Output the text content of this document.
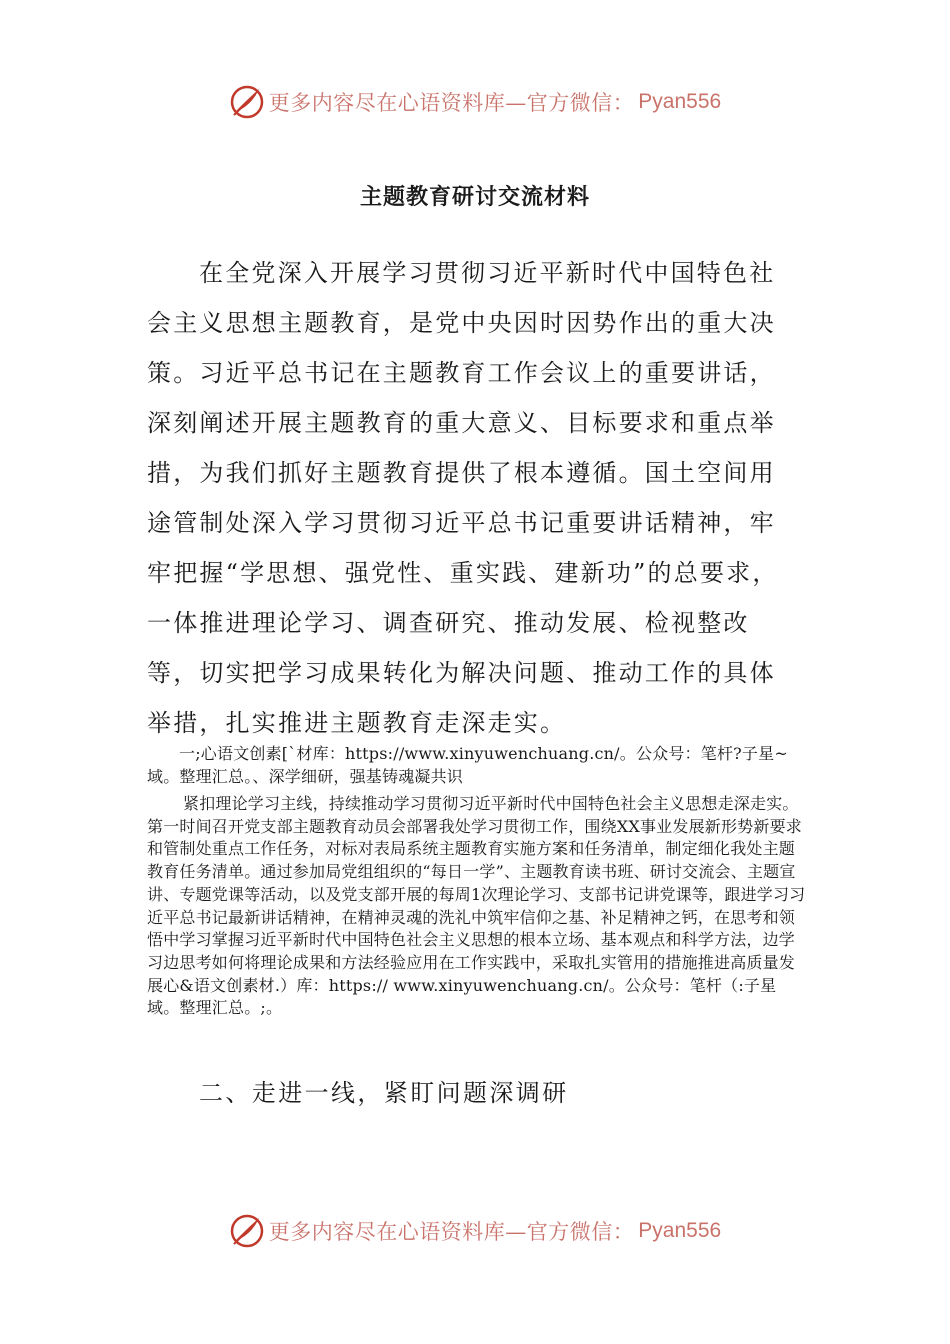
更多内容尽在心语资料库—官方微信： Pyan556
主题教育研讨交流材料

在全党深入开展学习贯彻习近平新时代中国特色社会主义思想主题教育，是党中央因时因势作出的重大决策。习近平总书记在主题教育工作会议上的重要讲话，深刻阐述开展主题教育的重大意义、目标要求和重点举措，为我们抓好主题教育提供了根本遵循。国土空间用途管制处深入学习贯彻习近平总书记重要讲话精神，牢牢把握“学思想、强党性、重实践、建新功”的总要求，一体推进理论学习、调查研究、推动发展、检视整改等，切实把学习成果转化为解决问题、推动工作的具体举措，扎实推进主题教育走深走实。

一;心语文创素[`材库：https://www.xinyuwenchuang.cn/。公众号：笔杆?子星~域。整理汇总。、深学细研，强基铸魂凝共识

紧扣理论学习主线，持续推动学习贯彻习近平新时代中国特色社会主义思想走深走实。第一时间召开党支部主题教育动员会部署我处学习贯彻工作，围绕XX事业发展新形势新要求和管制处重点工作任务，对标对表局系统主题教育实施方案和任务清单，制定细化我处主题教育任务清单。通过参加局党组组织的“每日一学”、主题教育读书班、研讨交流会、主题宣讲、专题党课等活动，以及党支部开展的每周1次理论学习、支部书记讲党课等，跟进学习习近平总书记最新讲话精神，在精神灵魂的洗礼中筑牢信仰之基、补足精神之钙，在思考和领悟中学习掌握习近平新时代中国特色社会主义思想的根本立场、基本观点和科学方法，边学习边思考如何将理论成果和方法经验应用在工作实践中，采取扎实管用的措施推进高质量发展心&语文创素材.）库：https:// www.xinyuwenchuang.cn/。公众号：笔杆（:子星域。整理汇总。;。

二、走进一线，紧盯问题深调研

更多内容尽在心语资料库—官方微信： Pyan556
